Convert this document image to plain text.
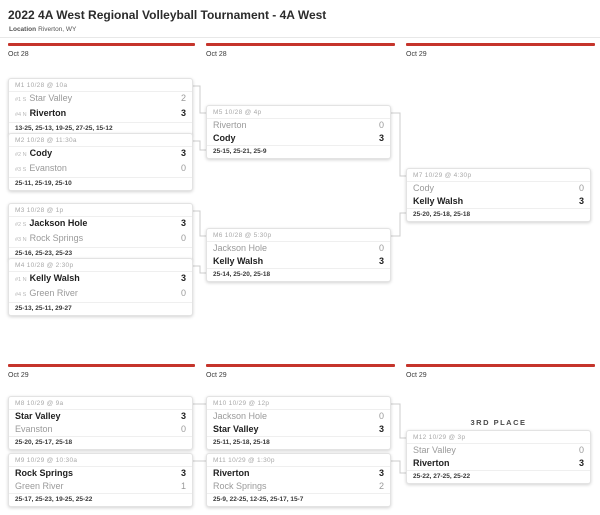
2022 4A West Regional Volleyball Tournament - 4A West
Location Riverton, WY
Oct 28	Oct 28	Oct 29
Oct 29	Oct 29	Oct 29
M1 10/28 @ 10a
#1 S Star Valley	2
#4 N Riverton	3
13-25, 25-13, 19-25, 27-25, 15-12
M2 10/28 @ 11:30a
#2 N Cody	3
#3 S Evanston	0
25-11, 25-19, 25-10
M3 10/28 @ 1p
#2 S Jackson Hole	3
#3 N Rock Springs	0
25-16, 25-23, 25-23
M4 10/28 @ 2:30p
#1 N Kelly Walsh	3
#4 S Green River	0
25-13, 25-11, 29-27
M5 10/28 @ 4p
Riverton	0
Cody	3
25-15, 25-21, 25-9
M6 10/28 @ 5:30p
Jackson Hole	0
Kelly Walsh	3
25-14, 25-20, 25-18
M7 10/29 @ 4:30p
Cody	0
Kelly Walsh	3
25-20, 25-18, 25-18
M8 10/29 @ 9a
Star Valley	3
Evanston	0
25-20, 25-17, 25-18
M9 10/29 @ 10:30a
Rock Springs	3
Green River	1
25-17, 25-23, 19-25, 25-22
M10 10/29 @ 12p
Jackson Hole	0
Star Valley	3
25-11, 25-18, 25-18
M11 10/29 @ 1:30p
Riverton	3
Rock Springs	2
25-9, 22-25, 12-25, 25-17, 15-7
3RD PLACE
M12 10/29 @ 3p
Star Valley	0
Riverton	3
25-22, 27-25, 25-22
